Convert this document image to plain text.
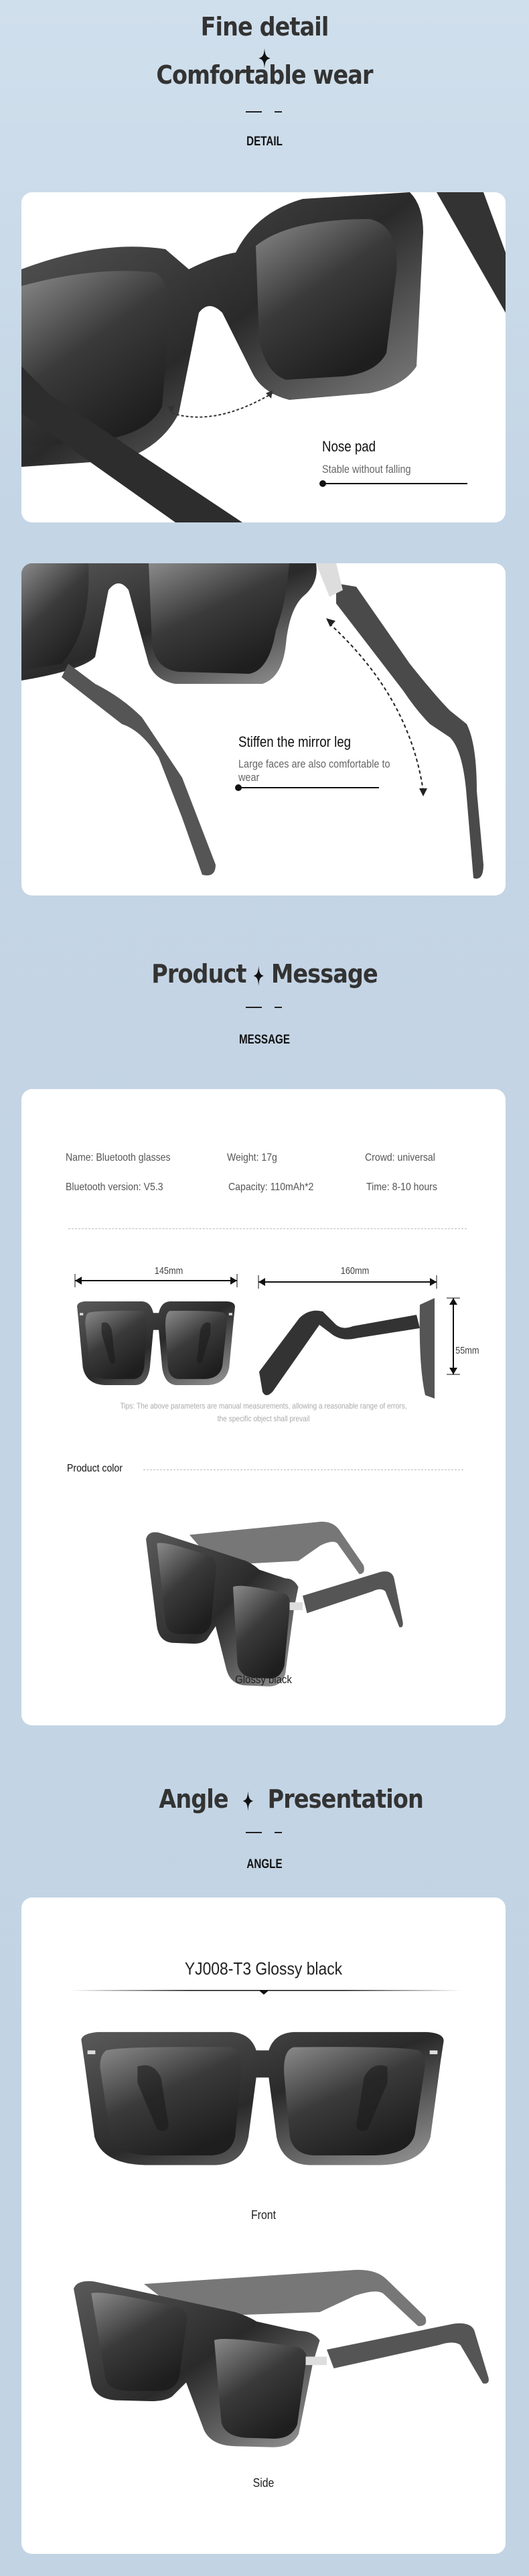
Fine detail
Comfortable wear
DETAIL
Nose pad
Stable without falling
Stiffen the mirror leg
Large faces are also comfortable to wear
Product Message
MESSAGE
Name: Bluetooth glasses	Weight: 17g	Crowd: universal
Bluetooth version: V5.3	Capacity: 110mAh*2	Time: 8-10 hours
145mm	160mm
55mm
Tips: The above parameters are manual measurements, allowing a reasonable range of errors,
the specific object shall prevail
Product color
Glossy black
Angle Presentation
ANGLE
YJ008-T3 Glossy black
Front
Side
